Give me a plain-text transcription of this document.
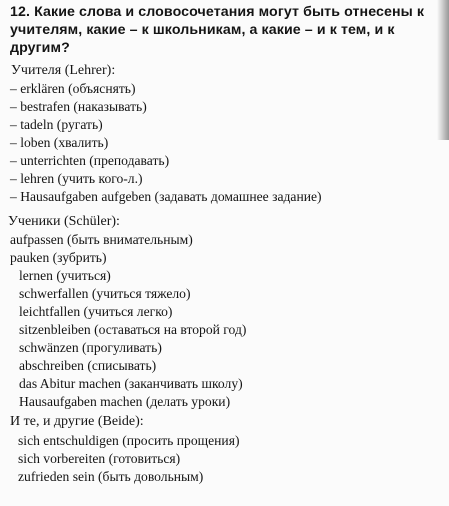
12. Какие слова и словосочетания могут быть отнесены к
учителям, какие – к школьникам, а какие – и к тем, и к
другим?
Учителя (Lehrer):
– erklären (объяснять)
– bestrafen (наказывать)
– tadeln (ругать)
– loben (хвалить)
– unterrichten (преподавать)
– lehren (учить кого-л.)
– Hausaufgaben aufgeben (задавать домашнее задание)
Ученики (Schüler):
aufpassen (быть внимательным)
pauken (зубрить)
lernen (учиться)
schwerfallen (учиться тяжело)
leichtfallen (учиться легко)
sitzenbleiben (оставаться на второй год)
schwänzen (прогуливать)
abschreiben (списывать)
das Abitur machen (заканчивать школу)
Hausaufgaben machen (делать уроки)
И те, и другие (Beide):
sich entschuldigen (просить прощения)
sich vorbereiten (готовиться)
zufrieden sein (быть довольным)
